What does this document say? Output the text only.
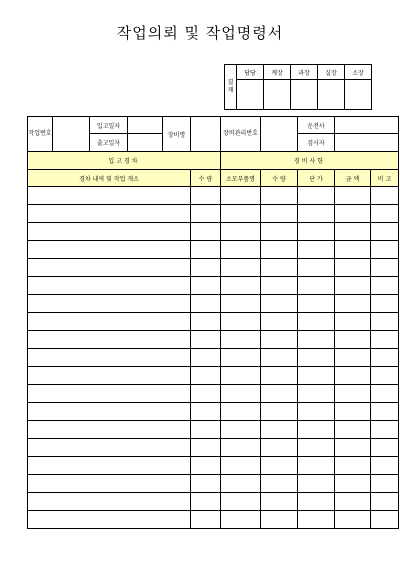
작업의뢰 및 작업명령서
결재	담당	계장	과장	실장	소장

작업번호		입고일자		장비명		장비관리번호		운전사		
		출고일자						검사자		
입고경차						경비사항				
경차 내역 및 작업 개소					수 량	소모부품명	수 량	단 가	금 액	비 고
